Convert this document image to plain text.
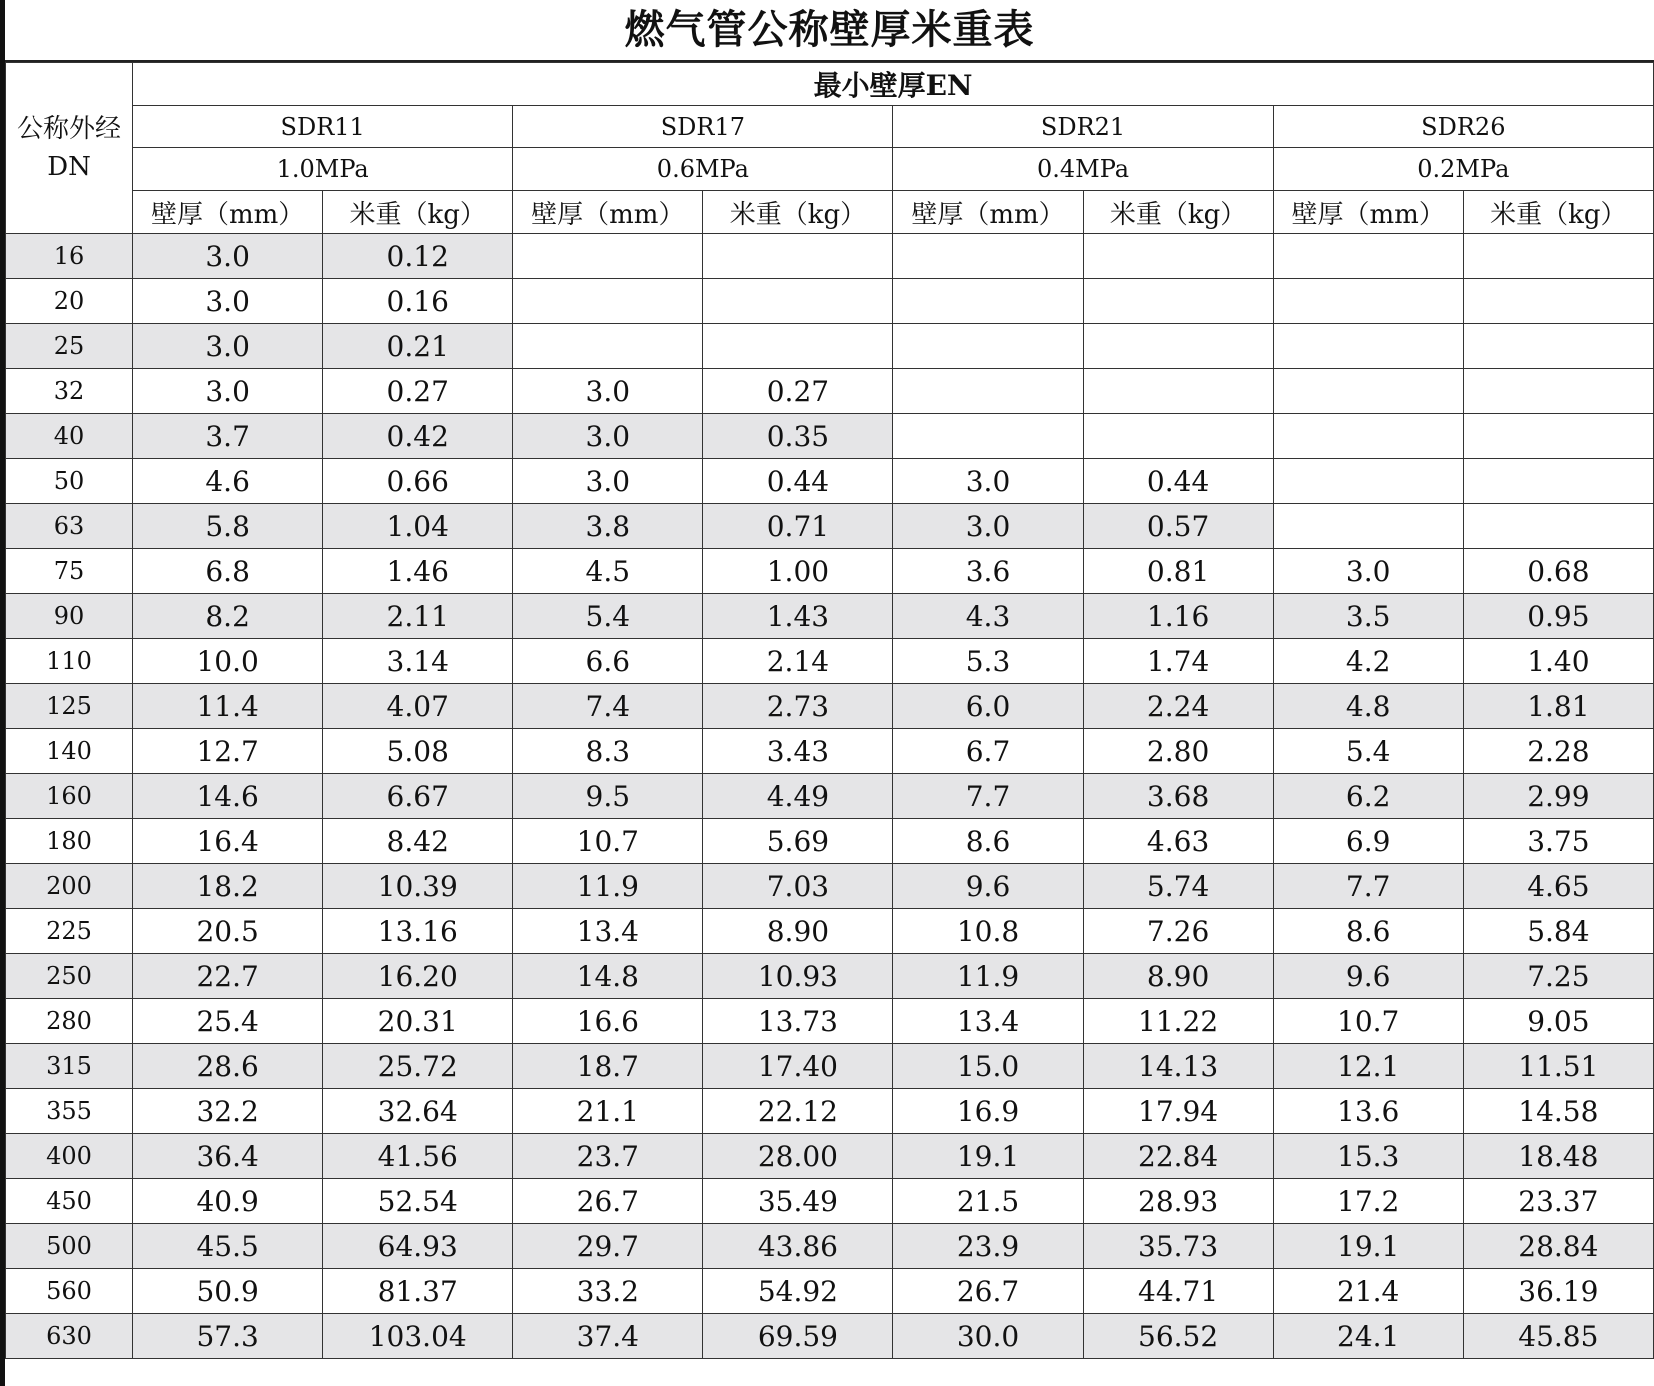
燃气管公称壁厚米重表
公称外经
DN	最小壁厚EN							
	SDR11		SDR17		SDR21		SDR26	
	1.0MPa		0.6MPa		0.4MPa		0.2MPa	
	壁厚（mm）	米重（kg）	壁厚（mm）	米重（kg）	壁厚（mm）	米重（kg）	壁厚（mm）	米重（kg）
16	3.0	0.12						
20	3.0	0.16						
25	3.0	0.21						
32	3.0	0.27	3.0	0.27				
40	3.7	0.42	3.0	0.35				
50	4.6	0.66	3.0	0.44	3.0	0.44		
63	5.8	1.04	3.8	0.71	3.0	0.57		
75	6.8	1.46	4.5	1.00	3.6	0.81	3.0	0.68
90	8.2	2.11	5.4	1.43	4.3	1.16	3.5	0.95
110	10.0	3.14	6.6	2.14	5.3	1.74	4.2	1.40
125	11.4	4.07	7.4	2.73	6.0	2.24	4.8	1.81
140	12.7	5.08	8.3	3.43	6.7	2.80	5.4	2.28
160	14.6	6.67	9.5	4.49	7.7	3.68	6.2	2.99
180	16.4	8.42	10.7	5.69	8.6	4.63	6.9	3.75
200	18.2	10.39	11.9	7.03	9.6	5.74	7.7	4.65
225	20.5	13.16	13.4	8.90	10.8	7.26	8.6	5.84
250	22.7	16.20	14.8	10.93	11.9	8.90	9.6	7.25
280	25.4	20.31	16.6	13.73	13.4	11.22	10.7	9.05
315	28.6	25.72	18.7	17.40	15.0	14.13	12.1	11.51
355	32.2	32.64	21.1	22.12	16.9	17.94	13.6	14.58
400	36.4	41.56	23.7	28.00	19.1	22.84	15.3	18.48
450	40.9	52.54	26.7	35.49	21.5	28.93	17.2	23.37
500	45.5	64.93	29.7	43.86	23.9	35.73	19.1	28.84
560	50.9	81.37	33.2	54.92	26.7	44.71	21.4	36.19
630	57.3	103.04	37.4	69.59	30.0	56.52	24.1	45.85
